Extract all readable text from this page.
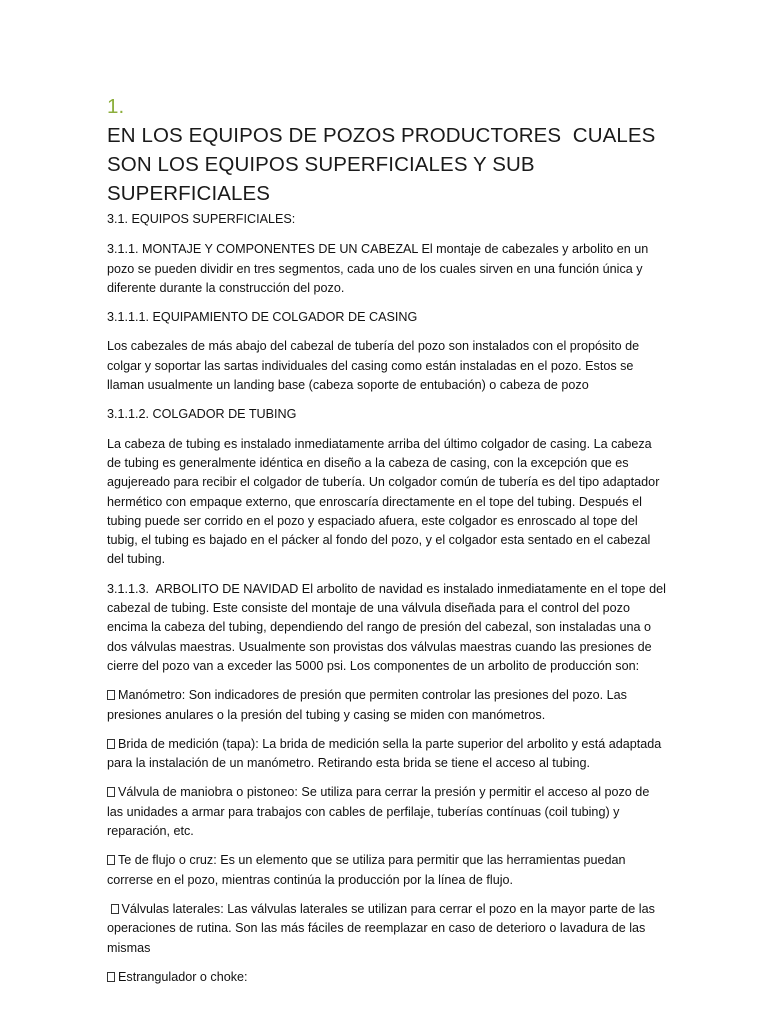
1. EN LOS EQUIPOS DE POZOS PRODUCTORES  CUALES
SON LOS EQUIPOS SUPERFICIALES Y SUB SUPERFICIALES

3.1. EQUIPOS SUPERFICIALES:

3.1.1. MONTAJE Y COMPONENTES DE UN CABEZAL El montaje de cabezales y arbolito en un pozo se pueden dividir en tres segmentos, cada uno de los cuales sirven en una función única y diferente durante la construcción del pozo.

3.1.1.1. EQUIPAMIENTO DE COLGADOR DE CASING

Los cabezales de más abajo del cabezal de tubería del pozo son instalados con el propósito de colgar y soportar las sartas individuales del casing como están instaladas en el pozo. Estos se llaman usualmente un landing base (cabeza soporte de entubación) o cabeza de pozo

3.1.1.2. COLGADOR DE TUBING

La cabeza de tubing es instalado inmediatamente arriba del último colgador de casing. La cabeza de tubing es generalmente idéntica en diseño a la cabeza de casing, con la excepción que es agujereado para recibir el colgador de tubería. Un colgador común de tubería es del tipo adaptador hermético con empaque externo, que enroscaría directamente en el tope del tubing. Después el tubing puede ser corrido en el pozo y espaciado afuera, este colgador es enroscado al tope del tubig, el tubing es bajado en el pácker al fondo del pozo, y el colgador esta sentado en el cabezal del tubing.

3.1.1.3.  ARBOLITO DE NAVIDAD El arbolito de navidad es instalado inmediatamente en el tope del cabezal de tubing. Este consiste del montaje de una válvula diseñada para el control del pozo encima la cabeza del tubing, dependiendo del rango de presión del cabezal, son instaladas una o dos válvulas maestras. Usualmente son provistas dos válvulas maestras cuando las presiones de cierre del pozo van a exceder las 5000 psi. Los componentes de un arbolito de producción son:

Manómetro: Son indicadores de presión que permiten controlar las presiones del pozo. Las presiones anulares o la presión del tubing y casing se miden con manómetros.

Brida de medición (tapa): La brida de medición sella la parte superior del arbolito y está adaptada para la instalación de un manómetro. Retirando esta brida se tiene el acceso al tubing.

Válvula de maniobra o pistoneo: Se utiliza para cerrar la presión y permitir el acceso al pozo de las unidades a armar para trabajos con cables de perfilaje, tuberías contínuas (coil tubing) y reparación, etc.

Te de flujo o cruz: Es un elemento que se utiliza para permitir que las herramientas puedan correrse en el pozo, mientras continúa la producción por la línea de flujo.

Válvulas laterales: Las válvulas laterales se utilizan para cerrar el pozo en la mayor parte de las operaciones de rutina. Son las más fáciles de reemplazar en caso de deterioro o lavadura de las mismas

Estrangulador o choke:
